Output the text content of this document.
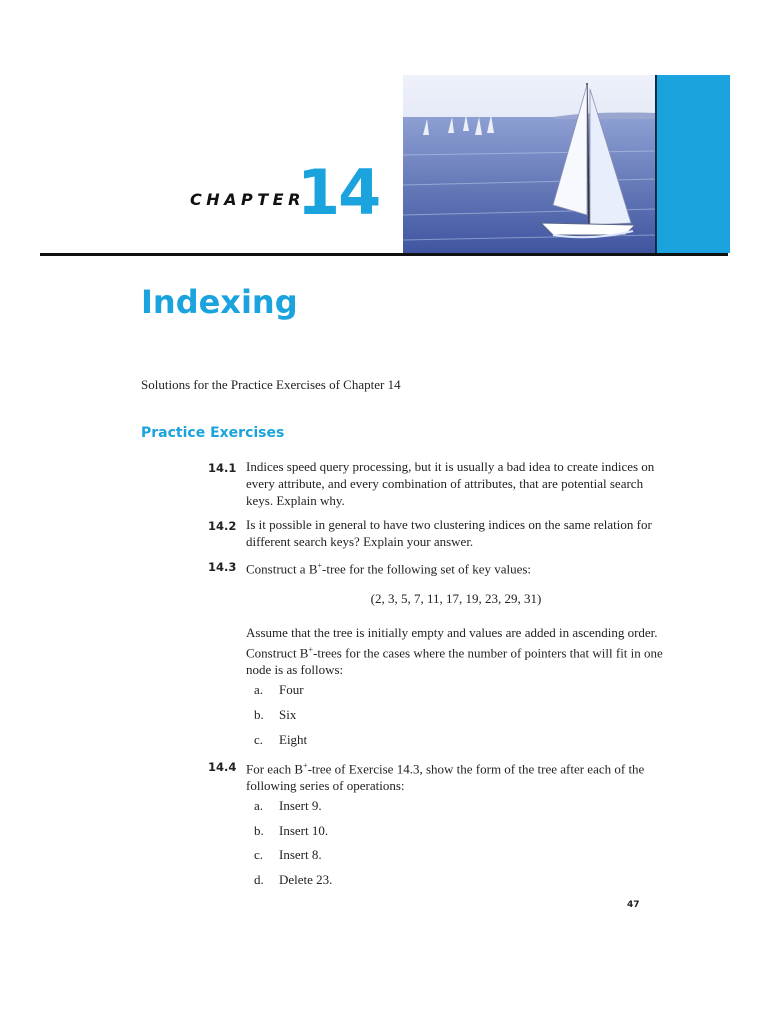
CHAPTER
14
Indexing
Solutions for the Practice Exercises of Chapter 14
Practice Exercises
14.1 Indices speed query processing, but it is usually a bad idea to create indices on every attribute, and every combination of attributes, that are potential search keys. Explain why.
14.2 Is it possible in general to have two clustering indices on the same relation for different search keys? Explain your answer.
14.3 Construct a B+-tree for the following set of key values:
(2, 3, 5, 7, 11, 17, 19, 23, 29, 31)
Assume that the tree is initially empty and values are added in ascending order. Construct B+-trees for the cases where the number of pointers that will fit in one node is as follows:
a. Four
b. Six
c. Eight
14.4 For each B+-tree of Exercise 14.3, show the form of the tree after each of the following series of operations:
a. Insert 9.
b. Insert 10.
c. Insert 8.
d. Delete 23.
47
